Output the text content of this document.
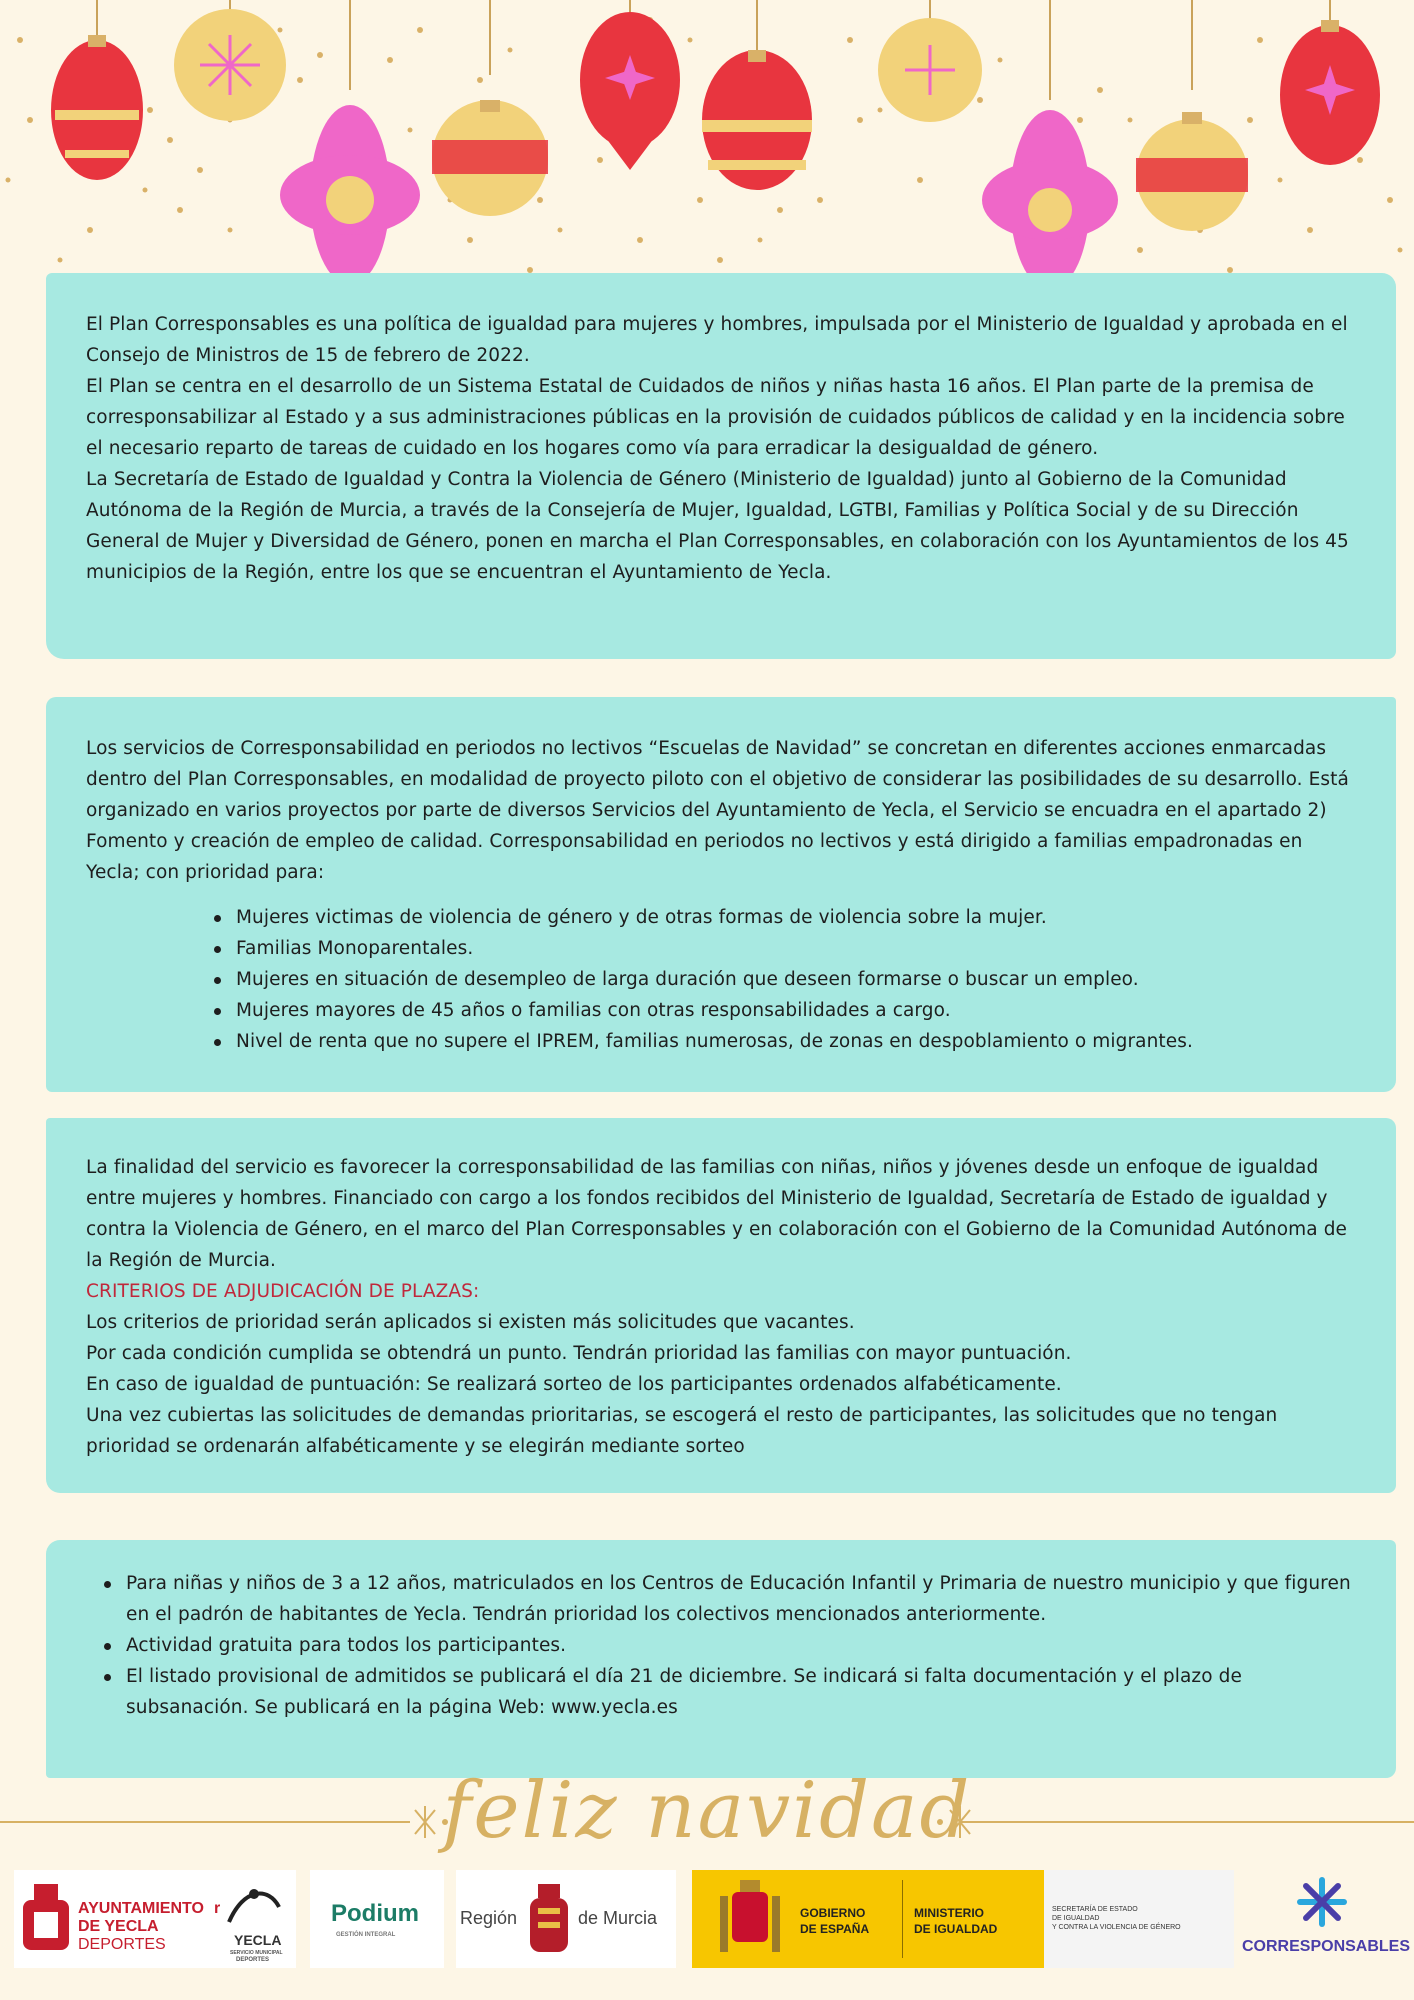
El Plan Corresponsables es una política de igualdad para mujeres y hombres, impulsada por el Ministerio de Igualdad y aprobada en el Consejo de Ministros de 15 de febrero de 2022.

El Plan se centra en el desarrollo de un Sistema Estatal de Cuidados de niños y niñas hasta 16 años. El Plan parte de la premisa de corresponsabilizar al Estado y a sus administraciones públicas en la provisión de cuidados públicos de calidad y en la incidencia sobre el necesario reparto de tareas de cuidado en los hogares como vía para erradicar la desigualdad de género.

La Secretaría de Estado de Igualdad y Contra la Violencia de Género (Ministerio de Igualdad) junto al Gobierno de la Comunidad Autónoma de la Región de Murcia, a través de la Consejería de Mujer, Igualdad, LGTBI, Familias y Política Social y de su Dirección General de Mujer y Diversidad de Género, ponen en marcha el Plan Corresponsables, en colaboración con los Ayuntamientos de los 45 municipios de la Región, entre los que se encuentran el Ayuntamiento de Yecla.

Los servicios de Corresponsabilidad en periodos no lectivos “Escuelas de Navidad” se concretan en diferentes acciones enmarcadas dentro del Plan Corresponsables, en modalidad de proyecto piloto con el objetivo de considerar las posibilidades de su desarrollo. Está organizado en varios proyectos por parte de diversos Servicios del Ayuntamiento de Yecla, el Servicio se encuadra en el apartado 2) Fomento y creación de empleo de calidad. Corresponsabilidad en periodos no lectivos y está dirigido a familias empadronadas en Yecla; con prioridad para:

Mujeres victimas de violencia de género y de otras formas de violencia sobre la mujer.
Familias Monoparentales.
Mujeres en situación de desempleo de larga duración que deseen formarse o buscar un empleo.
Mujeres mayores de 45 años o familias con otras responsabilidades a cargo.
Nivel de renta que no supere el IPREM, familias numerosas, de zonas en despoblamiento o migrantes.

La finalidad del servicio es favorecer la corresponsabilidad de las familias con niñas, niños y jóvenes desde un enfoque de igualdad entre mujeres y hombres. Financiado con cargo a los fondos recibidos del Ministerio de Igualdad, Secretaría de Estado de igualdad y contra la Violencia de Género, en el marco del Plan Corresponsables y en colaboración con el Gobierno de la Comunidad Autónoma de la Región de Murcia.

CRITERIOS DE ADJUDICACIÓN DE PLAZAS:

Los criterios de prioridad serán aplicados si existen más solicitudes que vacantes.

Por cada condición cumplida se obtendrá un punto. Tendrán prioridad las familias con mayor puntuación.

En caso de igualdad de puntuación: Se realizará sorteo de los participantes ordenados alfabéticamente.

Una vez cubiertas las solicitudes de demandas prioritarias, se escogerá el resto de participantes, las solicitudes que no tengan prioridad se ordenarán alfabéticamente y se elegirán mediante sorteo

Para niñas y niños de 3 a 12 años, matriculados en los Centros de Educación Infantil y Primaria de nuestro municipio y que figuren en el padrón de habitantes de Yecla. Tendrán prioridad los colectivos mencionados anteriormente.
Actividad gratuita para todos los participantes.
El listado provisional de admitidos se publicará el día 21 de diciembre. Se indicará si falta documentación y el plazo de subsanación. Se publicará en la página Web: www.yecla.es
feliz navidad
AYUNTAMIENTO r
DE YECLA
DEPORTES	YECLA
SERVICIO MUNICIPAL
DEPORTES
Podium
GESTIÓN INTEGRAL
Región	de Murcia	GOBIERNO
DE ESPAÑA
MINISTERIO
DE IGUALDAD
SECRETARÍA DE ESTADO
DE IGUALDAD
Y CONTRA LA VIOLENCIA DE GÉNERO
CORRESPONSABLES
